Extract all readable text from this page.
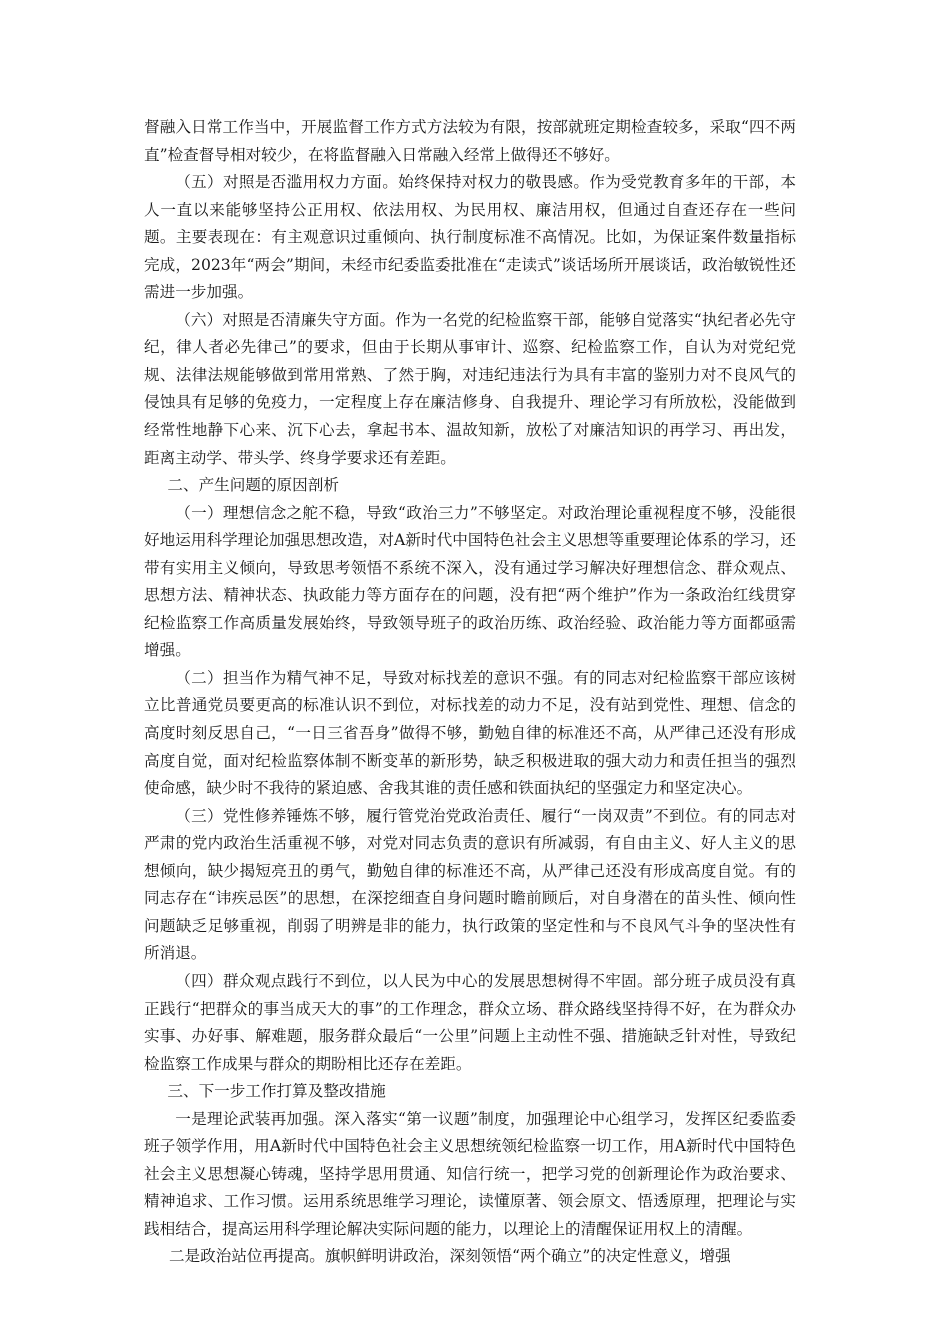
督融入日常工作当中，开展监督工作方式方法较为有限，按部就班定期检查较多，采取“四不两直”检查督导相对较少，在将监督融入日常融入经常上做得还不够好。

（五）对照是否滥用权力方面。始终保持对权力的敬畏感。作为受党教育多年的干部，本人一直以来能够坚持公正用权、依法用权、为民用权、廉洁用权，但通过自查还存在一些问题。主要表现在：有主观意识过重倾向、执行制度标准不高情况。比如，为保证案件数量指标完成，2023年“两会”期间，未经市纪委监委批准在“走读式”谈话场所开展谈话，政治敏锐性还需进一步加强。

（六）对照是否清廉失守方面。作为一名党的纪检监察干部，能够自觉落实“执纪者必先守纪，律人者必先律己”的要求，但由于长期从事审计、巡察、纪检监察工作，自认为对党纪党规、法律法规能够做到常用常熟、了然于胸，对违纪违法行为具有丰富的鉴别力对不良风气的侵蚀具有足够的免疫力，一定程度上存在廉洁修身、自我提升、理论学习有所放松，没能做到经常性地静下心来、沉下心去，拿起书本、温故知新，放松了对廉洁知识的再学习、再出发，距离主动学、带头学、终身学要求还有差距。

二、产生问题的原因剖析

（一）理想信念之舵不稳，导致“政治三力”不够坚定。对政治理论重视程度不够，没能很好地运用科学理论加强思想改造，对A新时代中国特色社会主义思想等重要理论体系的学习，还带有实用主义倾向，导致思考领悟不系统不深入，没有通过学习解决好理想信念、群众观点、思想方法、精神状态、执政能力等方面存在的问题，没有把“两个维护”作为一条政治红线贯穿纪检监察工作高质量发展始终，导致领导班子的政治历练、政治经验、政治能力等方面都亟需增强。

（二）担当作为精气神不足，导致对标找差的意识不强。有的同志对纪检监察干部应该树立比普通党员要更高的标准认识不到位，对标找差的动力不足，没有站到党性、理想、信念的高度时刻反思自己，“一日三省吾身”做得不够，勤勉自律的标准还不高，从严律己还没有形成高度自觉，面对纪检监察体制不断变革的新形势，缺乏积极进取的强大动力和责任担当的强烈使命感，缺少时不我待的紧迫感、舍我其谁的责任感和铁面执纪的坚强定力和坚定决心。

（三）党性修养锤炼不够，履行管党治党政治责任、履行“一岗双责”不到位。有的同志对严肃的党内政治生活重视不够，对党对同志负责的意识有所减弱，有自由主义、好人主义的思想倾向，缺少揭短亮丑的勇气，勤勉自律的标准还不高，从严律己还没有形成高度自觉。有的同志存在“讳疾忌医”的思想，在深挖细查自身问题时瞻前顾后，对自身潜在的苗头性、倾向性问题缺乏足够重视，削弱了明辨是非的能力，执行政策的坚定性和与不良风气斗争的坚决性有所消退。

（四）群众观点践行不到位，以人民为中心的发展思想树得不牢固。部分班子成员没有真正践行“把群众的事当成天大的事”的工作理念，群众立场、群众路线坚持得不好，在为群众办实事、办好事、解难题，服务群众最后“一公里”问题上主动性不强、措施缺乏针对性，导致纪检监察工作成果与群众的期盼相比还存在差距。

三、下一步工作打算及整改措施

一是理论武装再加强。深入落实“第一议题”制度，加强理论中心组学习，发挥区纪委监委班子领学作用，用A新时代中国特色社会主义思想统领纪检监察一切工作，用A新时代中国特色社会主义思想凝心铸魂，坚持学思用贯通、知信行统一，把学习党的创新理论作为政治要求、精神追求、工作习惯。运用系统思维学习理论，读懂原著、领会原文、悟透原理，把理论与实践相结合，提高运用科学理论解决实际问题的能力，以理论上的清醒保证用权上的清醒。

二是政治站位再提高。旗帜鲜明讲政治，深刻领悟“两个确立”的决定性意义，增强
